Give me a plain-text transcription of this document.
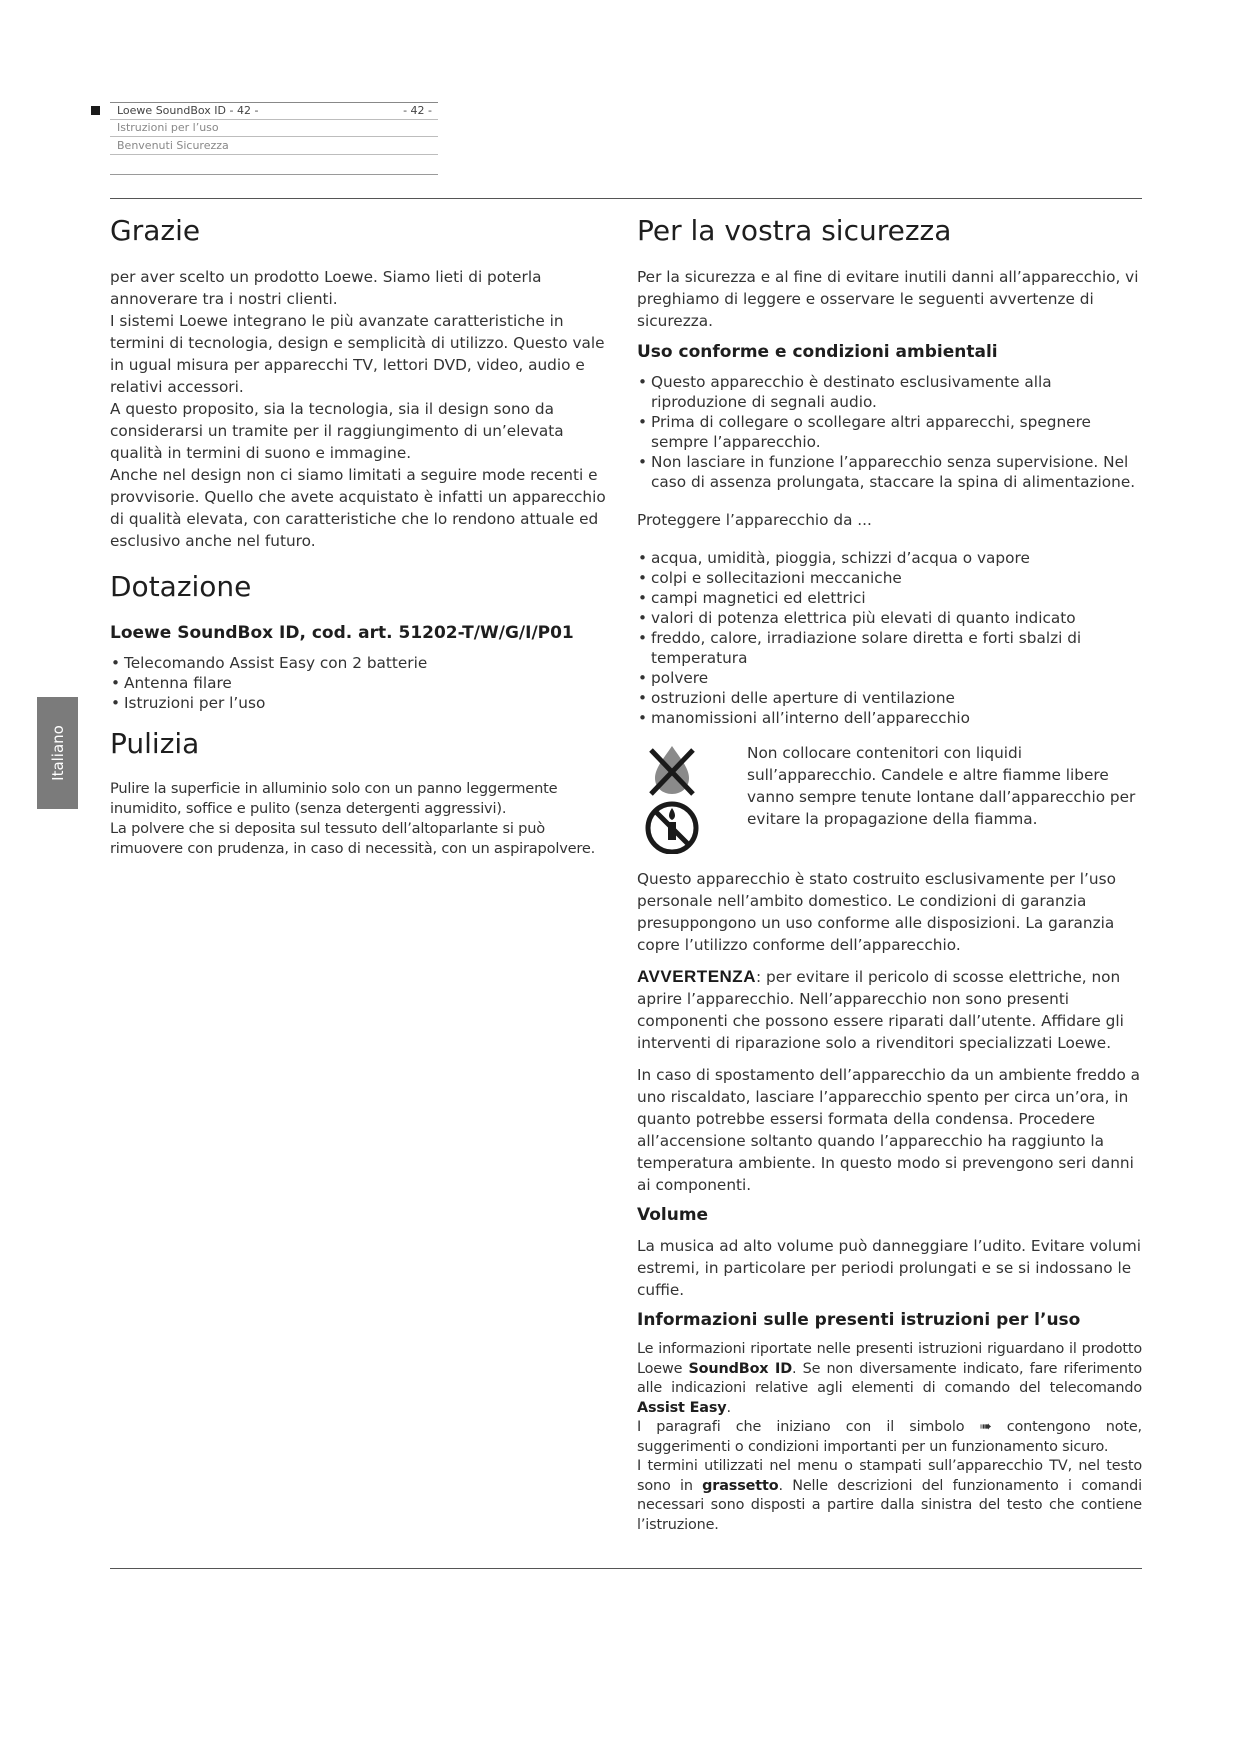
Loewe SoundBox ID - 42 -	- 42 -
Istruzioni per l’uso
Benvenuti Sicurezza
Italiano
Grazie

per aver scelto un prodotto Loewe. Siamo lieti di poterla annoverare tra i nostri clienti.

I sistemi Loewe integrano le più avanzate caratteristiche in termini di tecnologia, design e semplicità di utilizzo. Questo vale in ugual misura per apparecchi TV, lettori DVD, video, audio e relativi accessori.

A questo proposito, sia la tecnologia, sia il design sono da considerarsi un tramite per il raggiungimento di un’elevata qualità in termini di suono e immagine.

Anche nel design non ci siamo limitati a seguire mode recenti e provvisorie. Quello che avete acquistato è infatti un apparecchio di qualità elevata, con caratteristiche che lo rendono attuale ed esclusivo anche nel futuro.

Dotazione
Loewe SoundBox ID, cod. art. 51202-T/W/G/I/P01
• Telecomando Assist Easy con 2 batterie
• Antenna filare
• Istruzioni per l’uso
Pulizia

Pulire la superficie in alluminio solo con un panno leggermente inumidito, soffice e pulito (senza detergenti aggressivi).

La polvere che si deposita sul tessuto dell’altoparlante si può rimuovere con prudenza, in caso di necessità, con un aspirapolvere.

Per la vostra sicurezza

Per la sicurezza e al fine di evitare inutili danni all’apparecchio, vi preghiamo di leggere e osservare le seguenti avvertenze di sicurezza.

Uso conforme e condizioni ambientali
• Questo apparecchio è destinato esclusivamente alla riproduzione di segnali audio.
• Prima di collegare o scollegare altri apparecchi, spegnere sempre l’apparecchio.
• Non lasciare in funzione l’apparecchio senza supervisione. Nel caso di assenza prolungata, staccare la spina di alimentazione.

Proteggere l’apparecchio da ...

• acqua, umidità, pioggia, schizzi d’acqua o vapore
• colpi e sollecitazioni meccaniche
• campi magnetici ed elettrici
• valori di potenza elettrica più elevati di quanto indicato
• freddo, calore, irradiazione solare diretta e forti sbalzi di temperatura
• polvere
• ostruzioni delle aperture di ventilazione
• manomissioni all’interno dell’apparecchio

Non collocare contenitori con liquidi sull’apparecchio. Candele e altre fiamme libere vanno sempre tenute lontane dall’apparecchio per evitare la propagazione della fiamma.

Questo apparecchio è stato costruito esclusivamente per l’uso personale nell’ambito domestico. Le condizioni di garanzia presuppongono un uso conforme alle disposizioni. La garanzia copre l’utilizzo conforme dell’apparecchio.

AVVERTENZA: per evitare il pericolo di scosse elettriche, non aprire l’apparecchio. Nell’apparecchio non sono presenti componenti che possono essere riparati dall’utente. Affidare gli interventi di riparazione solo a rivenditori specializzati Loewe.

In caso di spostamento dell’apparecchio da un ambiente freddo a uno riscaldato, lasciare l’apparecchio spento per circa un’ora, in quanto potrebbe essersi formata della condensa. Procedere all’accensione soltanto quando l’apparecchio ha raggiunto la temperatura ambiente. In questo modo si prevengono seri danni ai componenti.

Volume

La musica ad alto volume può danneggiare l’udito. Evitare volumi estremi, in particolare per periodi prolungati e se si indossano le cuffie.

Informazioni sulle presenti istruzioni per l’uso

Le informazioni riportate nelle presenti istruzioni riguardano il prodotto Loewe SoundBox ID. Se non diversamente indicato, fare riferimento alle indicazioni relative agli elementi di comando del telecomando Assist Easy.

I paragrafi che iniziano con il simbolo ➠ contengono note, suggerimenti o condizioni importanti per un funzionamento sicuro.

I termini utilizzati nel menu o stampati sull’apparecchio TV, nel testo sono in grassetto. Nelle descrizioni del funzionamento i comandi necessari sono disposti a partire dalla sinistra del testo che contiene l’istruzione.
